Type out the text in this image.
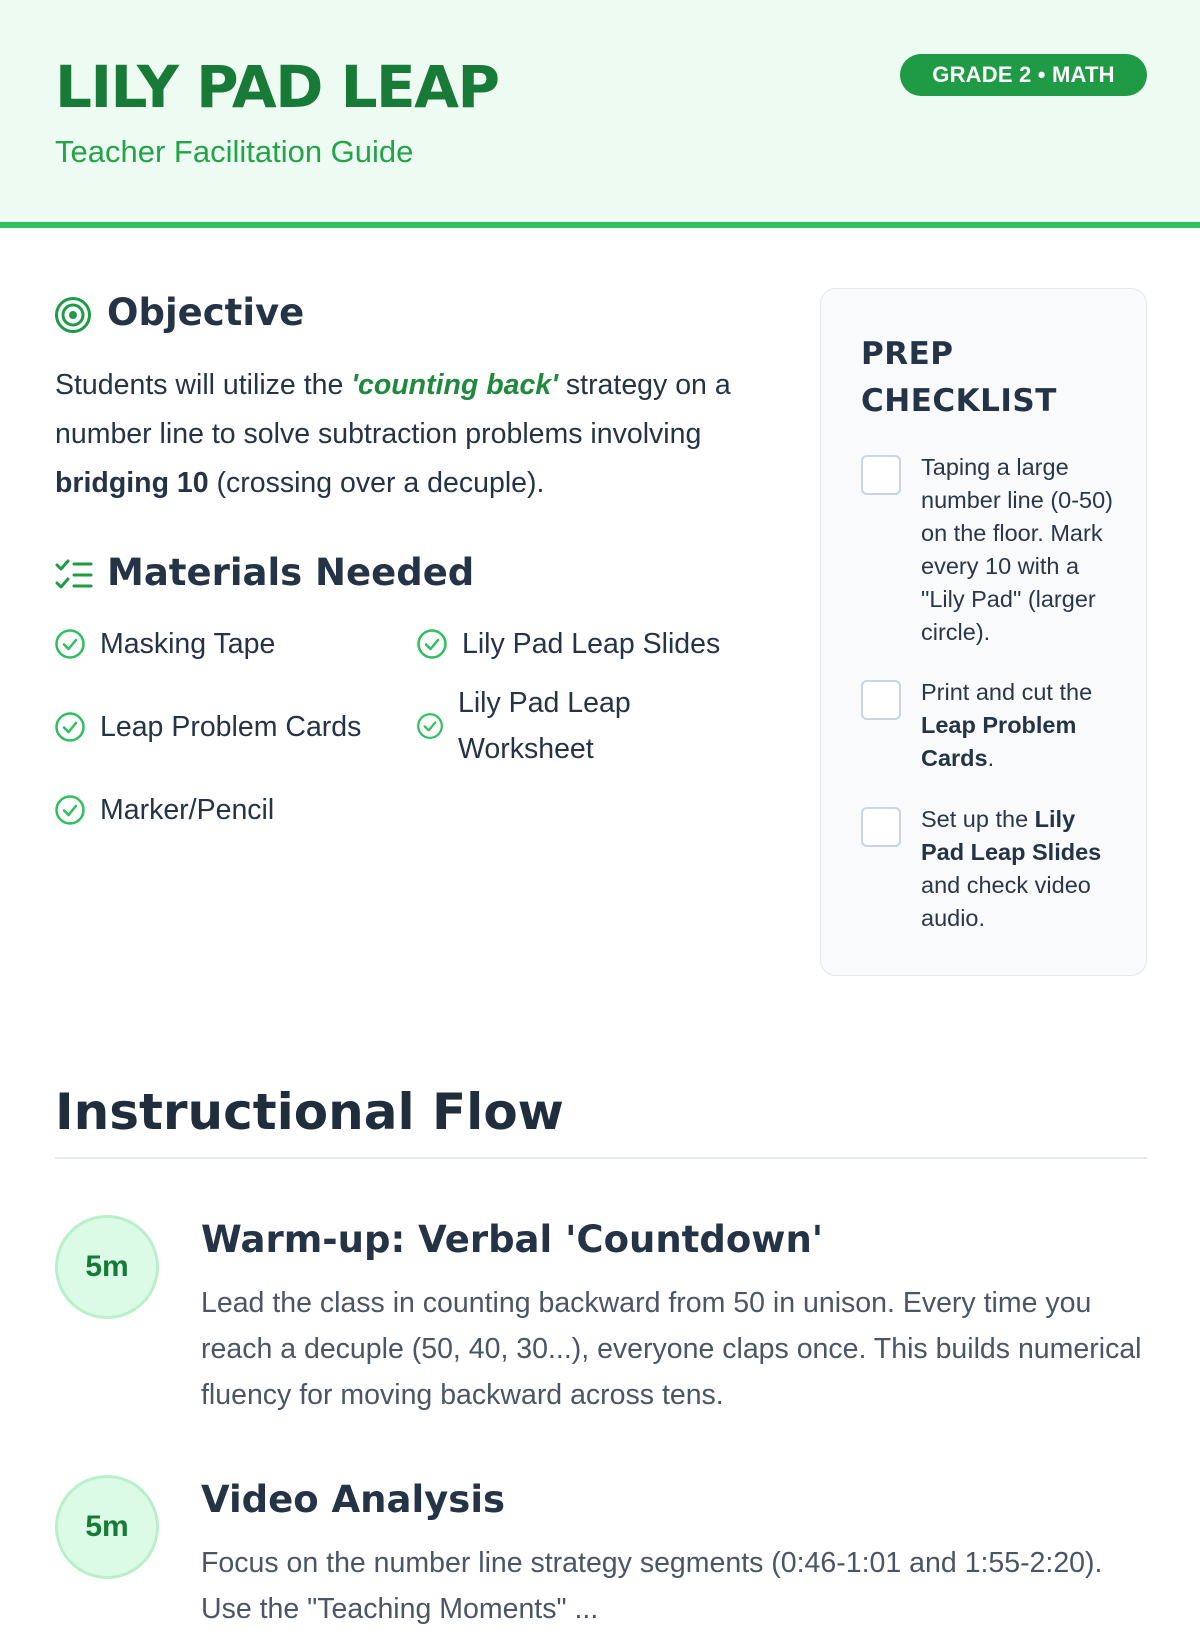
LILY PAD LEAP
Teacher Facilitation Guide
GRADE 2 • MATH
Objective

Students will utilize the 'counting back' strategy on a number line to solve subtraction problems involving bridging 10 (crossing over a decuple).

Materials Needed
Masking Tape	Lily Pad Leap Slides
Leap Problem Cards
Lily Pad Leap Worksheet
Marker/Pencil
PREP CHECKLIST
Taping a large number line (0-50) on the floor. Mark every 10 with a "Lily Pad" (larger circle).
Print and cut the Leap Problem Cards.
Set up the Lily Pad Leap Slides and check video audio.
Instructional Flow
5m
Warm-up: Verbal 'Countdown'
Lead the class in counting backward from 50 in unison. Every time you reach a decuple (50, 40, 30...), everyone claps once. This builds numerical fluency for moving backward across tens.
5m
Video Analysis
Focus on the number line strategy segments (0:46-1:01 and 1:55-2:20). Use the "Teaching Moments" ...
